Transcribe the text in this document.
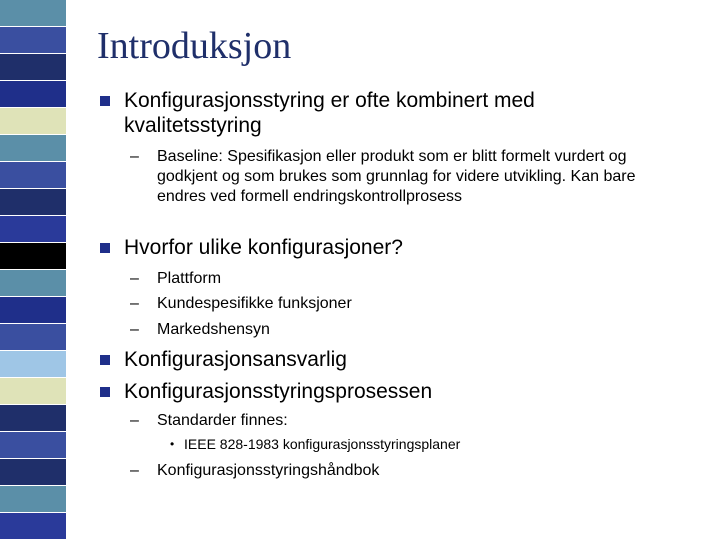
Introduksjon

Konfigurasjonsstyring er ofte kombinert med kvalitetsstyring

– Baseline: Spesifikasjon eller produkt som er blitt formelt vurdert og godkjent og som brukes som grunnlag for videre utvikling. Kan bare endres ved formell endringskontrollprosess

Hvorfor ulike konfigurasjoner?

– Plattform

– Kundespesifikke funksjoner

– Markedshensyn

Konfigurasjonsansvarlig

Konfigurasjonsstyringsprosessen

– Standarder finnes:

• IEEE 828-1983 konfigurasjonsstyringsplaner

– Konfigurasjonsstyringshåndbok
